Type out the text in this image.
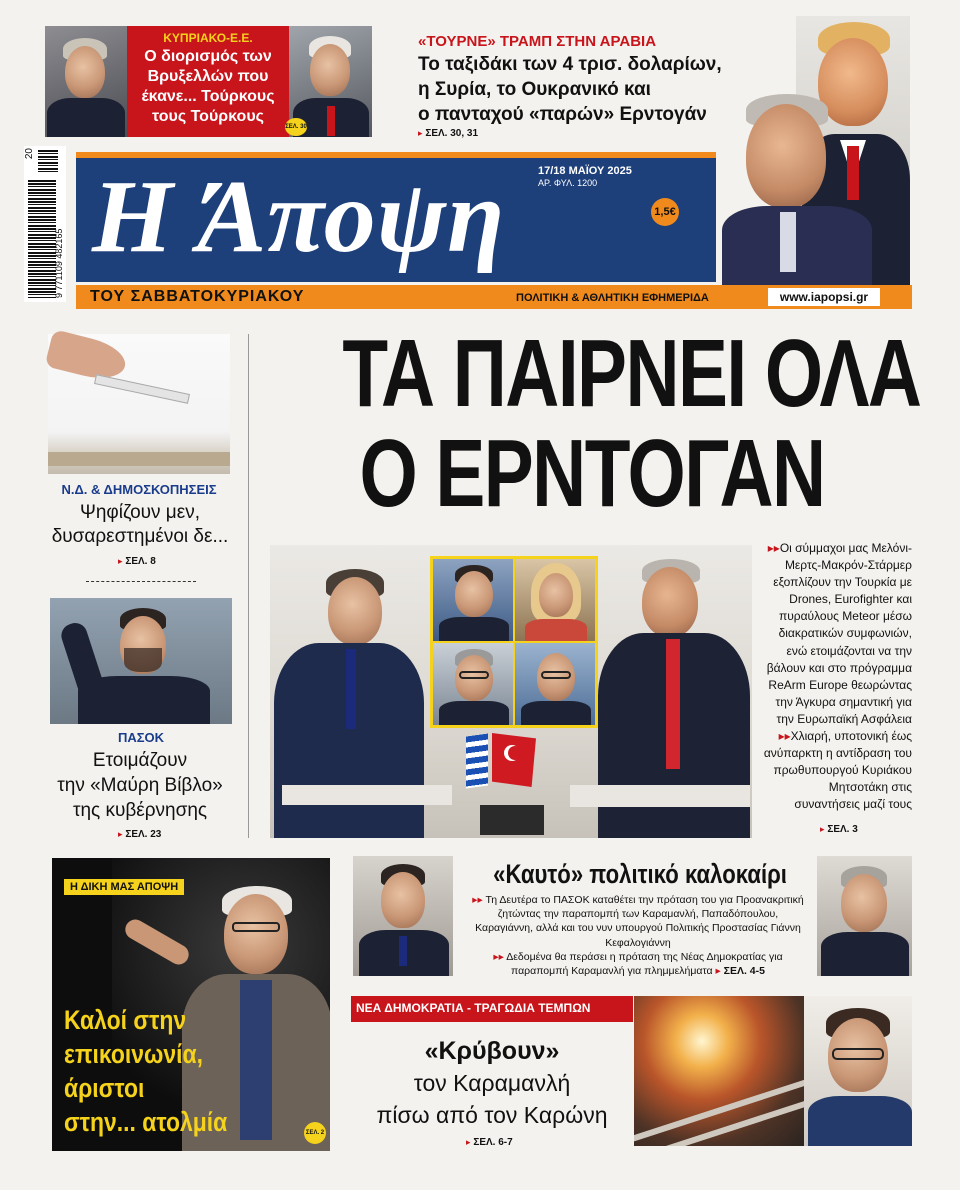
ΚΥΠΡΙΑΚΟ-Ε.Ε.
Ο διορισμός των
Βρυξελλών που
έκανε... Τούρκους
τους Τούρκους
ΣΕΛ. 30
«ΤΟΥΡΝΕ» ΤΡΑΜΠ ΣΤΗΝ ΑΡΑΒΙΑ
Το ταξιδάκι των 4 τρισ. δολαρίων,
η Συρία, το Ουκρανικό και
ο πανταχού «παρών» Ερντογάν
▸ ΣΕΛ. 30, 31
20
9 771109 482165 Η Άποψη	17/18 ΜΑΪΟΥ 2025
ΑΡ. ΦΥΛ. 1200
1,5€
ΤΟΥ ΣΑΒΒΑΤΟΚΥΡΙΑΚΟΥ	ΠΟΛΙΤΙΚΗ & ΑΘΛΗΤΙΚΗ ΕΦΗΜΕΡΙΔΑ	www.iapopsi.gr
Ν.Δ. & ΔΗΜΟΣΚΟΠΗΣΕΙΣ
Ψηφίζουν μεν,
δυσαρεστημένοι δε...
▸ ΣΕΛ. 8
ΠΑΣΟΚ
Ετοιμάζουν
την «Μαύρη Βίβλο»
της κυβέρνησης
▸ ΣΕΛ. 23
ΤΑ ΠΑΙΡΝΕΙ ΟΛΑ
Ο ΕΡΝΤΟΓΑΝ
▸▸Οι σύμμαχοι μας Μελόνι-Μερτς-Μακρόν-Στάρμερ εξοπλίζουν την Τουρκία με Drones, Eurofighter και πυραύλους Meteor μέσω διακρατικών συμφωνιών, ενώ ετοιμάζονται να την βάλουν και στο πρόγραμμα ReArm Europe θεωρώντας την Άγκυρα σημαντική για την Ευρωπαϊκή Ασφάλεια
▸▸Χλιαρή, υποτονική έως ανύπαρκτη η αντίδραση του πρωθυπουργού Κυριάκου Μητσοτάκη στις συναντήσεις μαζί τους
▸ ΣΕΛ. 3
Η ΔΙΚΗ ΜΑΣ ΑΠΟΨΗ
Καλοί στην
επικοινωνία,
άριστοι
στην... ατολμία	ΣΕΛ. 2
«Καυτό» πολιτικό καλοκαίρι
▸▸ Τη Δευτέρα το ΠΑΣΟΚ καταθέτει την πρόταση του για Προανακριτική ζητώντας την παραπομπή των Καραμανλή, Παπαδόπουλου, Καραγιάννη, αλλά και του νυν υπουργού Πολιτικής Προστασίας Γιάννη Κεφαλογιάννη
▸▸ Δεδομένα θα περάσει η πρόταση της Νέας Δημοκρατίας για παραπομπή Καραμανλή για πλημμελήματα ▸ ΣΕΛ. 4-5
ΝΕΑ ΔΗΜΟΚΡΑΤΙΑ - ΤΡΑΓΩΔΙΑ ΤΕΜΠΩΝ
«Κρύβουν»
τον Καραμανλή
πίσω από τον Καρώνη
▸ ΣΕΛ. 6-7
